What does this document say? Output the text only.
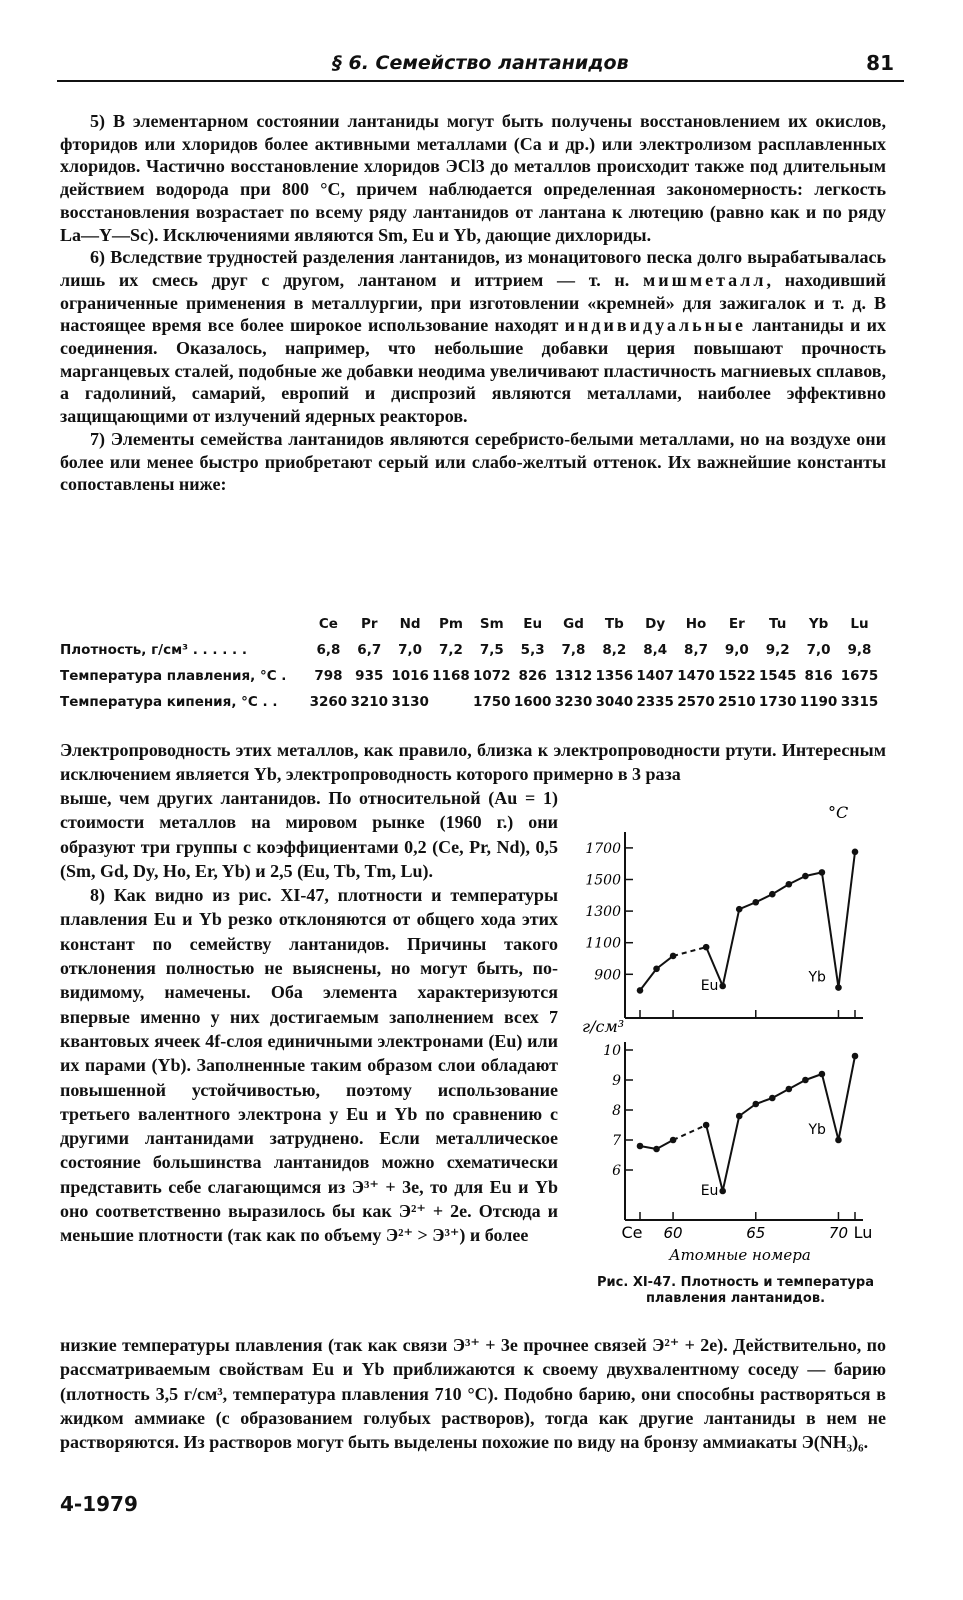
§ 6. Семейство лантанидов	81

5) В элементарном состоянии лантаниды могут быть получены восстановлением их окислов, фторидов или хлоридов более активными металлами (Са и др.) или электролизом расплавленных хлоридов. Частично восстановление хлоридов ЭCl3 до металлов происходит также под длительным действием водорода при 800 °С, причем наблюдается определенная закономерность: легкость восстановления возрастает по всему ряду лантанидов от лантана к лютецию (равно как и по ряду La—Y—Sc). Исключениями являются Sm, Eu и Yb, дающие дихлориды.

6) Вследствие трудностей разделения лантанидов, из монацитового песка долго вырабатывалась лишь их смесь друг с другом, лантаном и иттрием — т. н. мишметалл, находивший ограниченные применения в металлургии, при изготовлении «кремней» для зажигалок и т. д. В настоящее время все более широкое использование находят индивидуальные лантаниды и их соединения. Оказалось, например, что небольшие добавки церия повышают прочность марганцевых сталей, подобные же добавки неодима увеличивают пластичность магниевых сплавов, а гадолиний, самарий, европий и диспрозий являются металлами, наиболее эффективно защищающими от излучений ядерных реакторов.

7) Элементы семейства лантанидов являются серебристо-белыми металлами, но на воздухе они более или менее быстро приобретают серый или слабо-желтый оттенок. Их важнейшие константы сопоставлены ниже:

	Ce	Pr	Nd	Pm	Sm	Eu	Gd	Tb	Dy	Ho	Er	Tu	Yb	Lu
Плотность, г/см³ . . . . . .	6,8	6,7	7,0	7,2	7,5	5,3	7,8	8,2	8,4	8,7	9,0	9,2	7,0	9,8
Температура плавления, °С .	798	935	1016	1168	1072	826	1312	1356	1407	1470	1522	1545	816	1675
Температура кипения, °С . .	3260	3210	3130		1750	1600	3230	3040	2335	2570	2510	1730	1190	3315

Электропроводность этих металлов, как правило, близка к электропроводности ртути. Интересным исключением является Yb, электропроводность которого примерно в 3 раза

выше, чем других лантанидов. По относительной (Au = 1) стоимости металлов на мировом рынке (1960 г.) они образуют три группы с коэффициентами 0,2 (Ce, Pr, Nd), 0,5 (Sm, Gd, Dy, Ho, Er, Yb) и 2,5 (Eu, Tb, Tm, Lu).

8) Как видно из рис. XI-47, плотности и температуры плавления Eu и Yb резко отклоняются от общего хода этих констант по семейству лантанидов. Причины такого отклонения полностью не выяснены, но могут быть, по-видимому, намечены. Оба элемента характеризуются впервые именно у них достигаемым заполнением всех 7 квантовых ячеек 4f-слоя единичными электронами (Eu) или их парами (Yb). Заполненные таким образом слои обладают повышенной устойчивостью, поэтому использование третьего валентного электрона у Eu и Yb по сравнению с другими лантанидами затруднено. Если металлическое состояние большинства лантанидов можно схематически представить себе слагающимся из Э³⁺ + 3e, то для Eu и Yb оно соответственно выразилось бы как Э²⁺ + 2e. Отсюда и меньшие плотности (так как по объему Э²⁺ > Э³⁺) и более

°С
1700
1500
1300
1100
900
Eu
Yb
г/см³
10
9
8
7
6
Eu
Yb
Ce 60	65	70 Lu
Атомные номера
Рис. XI-47. Плотность и температура плавления лантанидов.

низкие температуры плавления (так как связи Э³⁺ + 3e прочнее связей Э²⁺ + 2e). Действительно, по рассматриваемым свойствам Eu и Yb приближаются к своему двухвалентному соседу — барию (плотность 3,5 г/см³, температура плавления 710 °С). Подобно барию, они способны растворяться в жидком аммиаке (с образованием голубых растворов), тогда как другие лантаниды в нем не растворяются. Из растворов могут быть выделены похожие по виду на бронзу аммиакаты Э(NH₃)₆.

4-1979
